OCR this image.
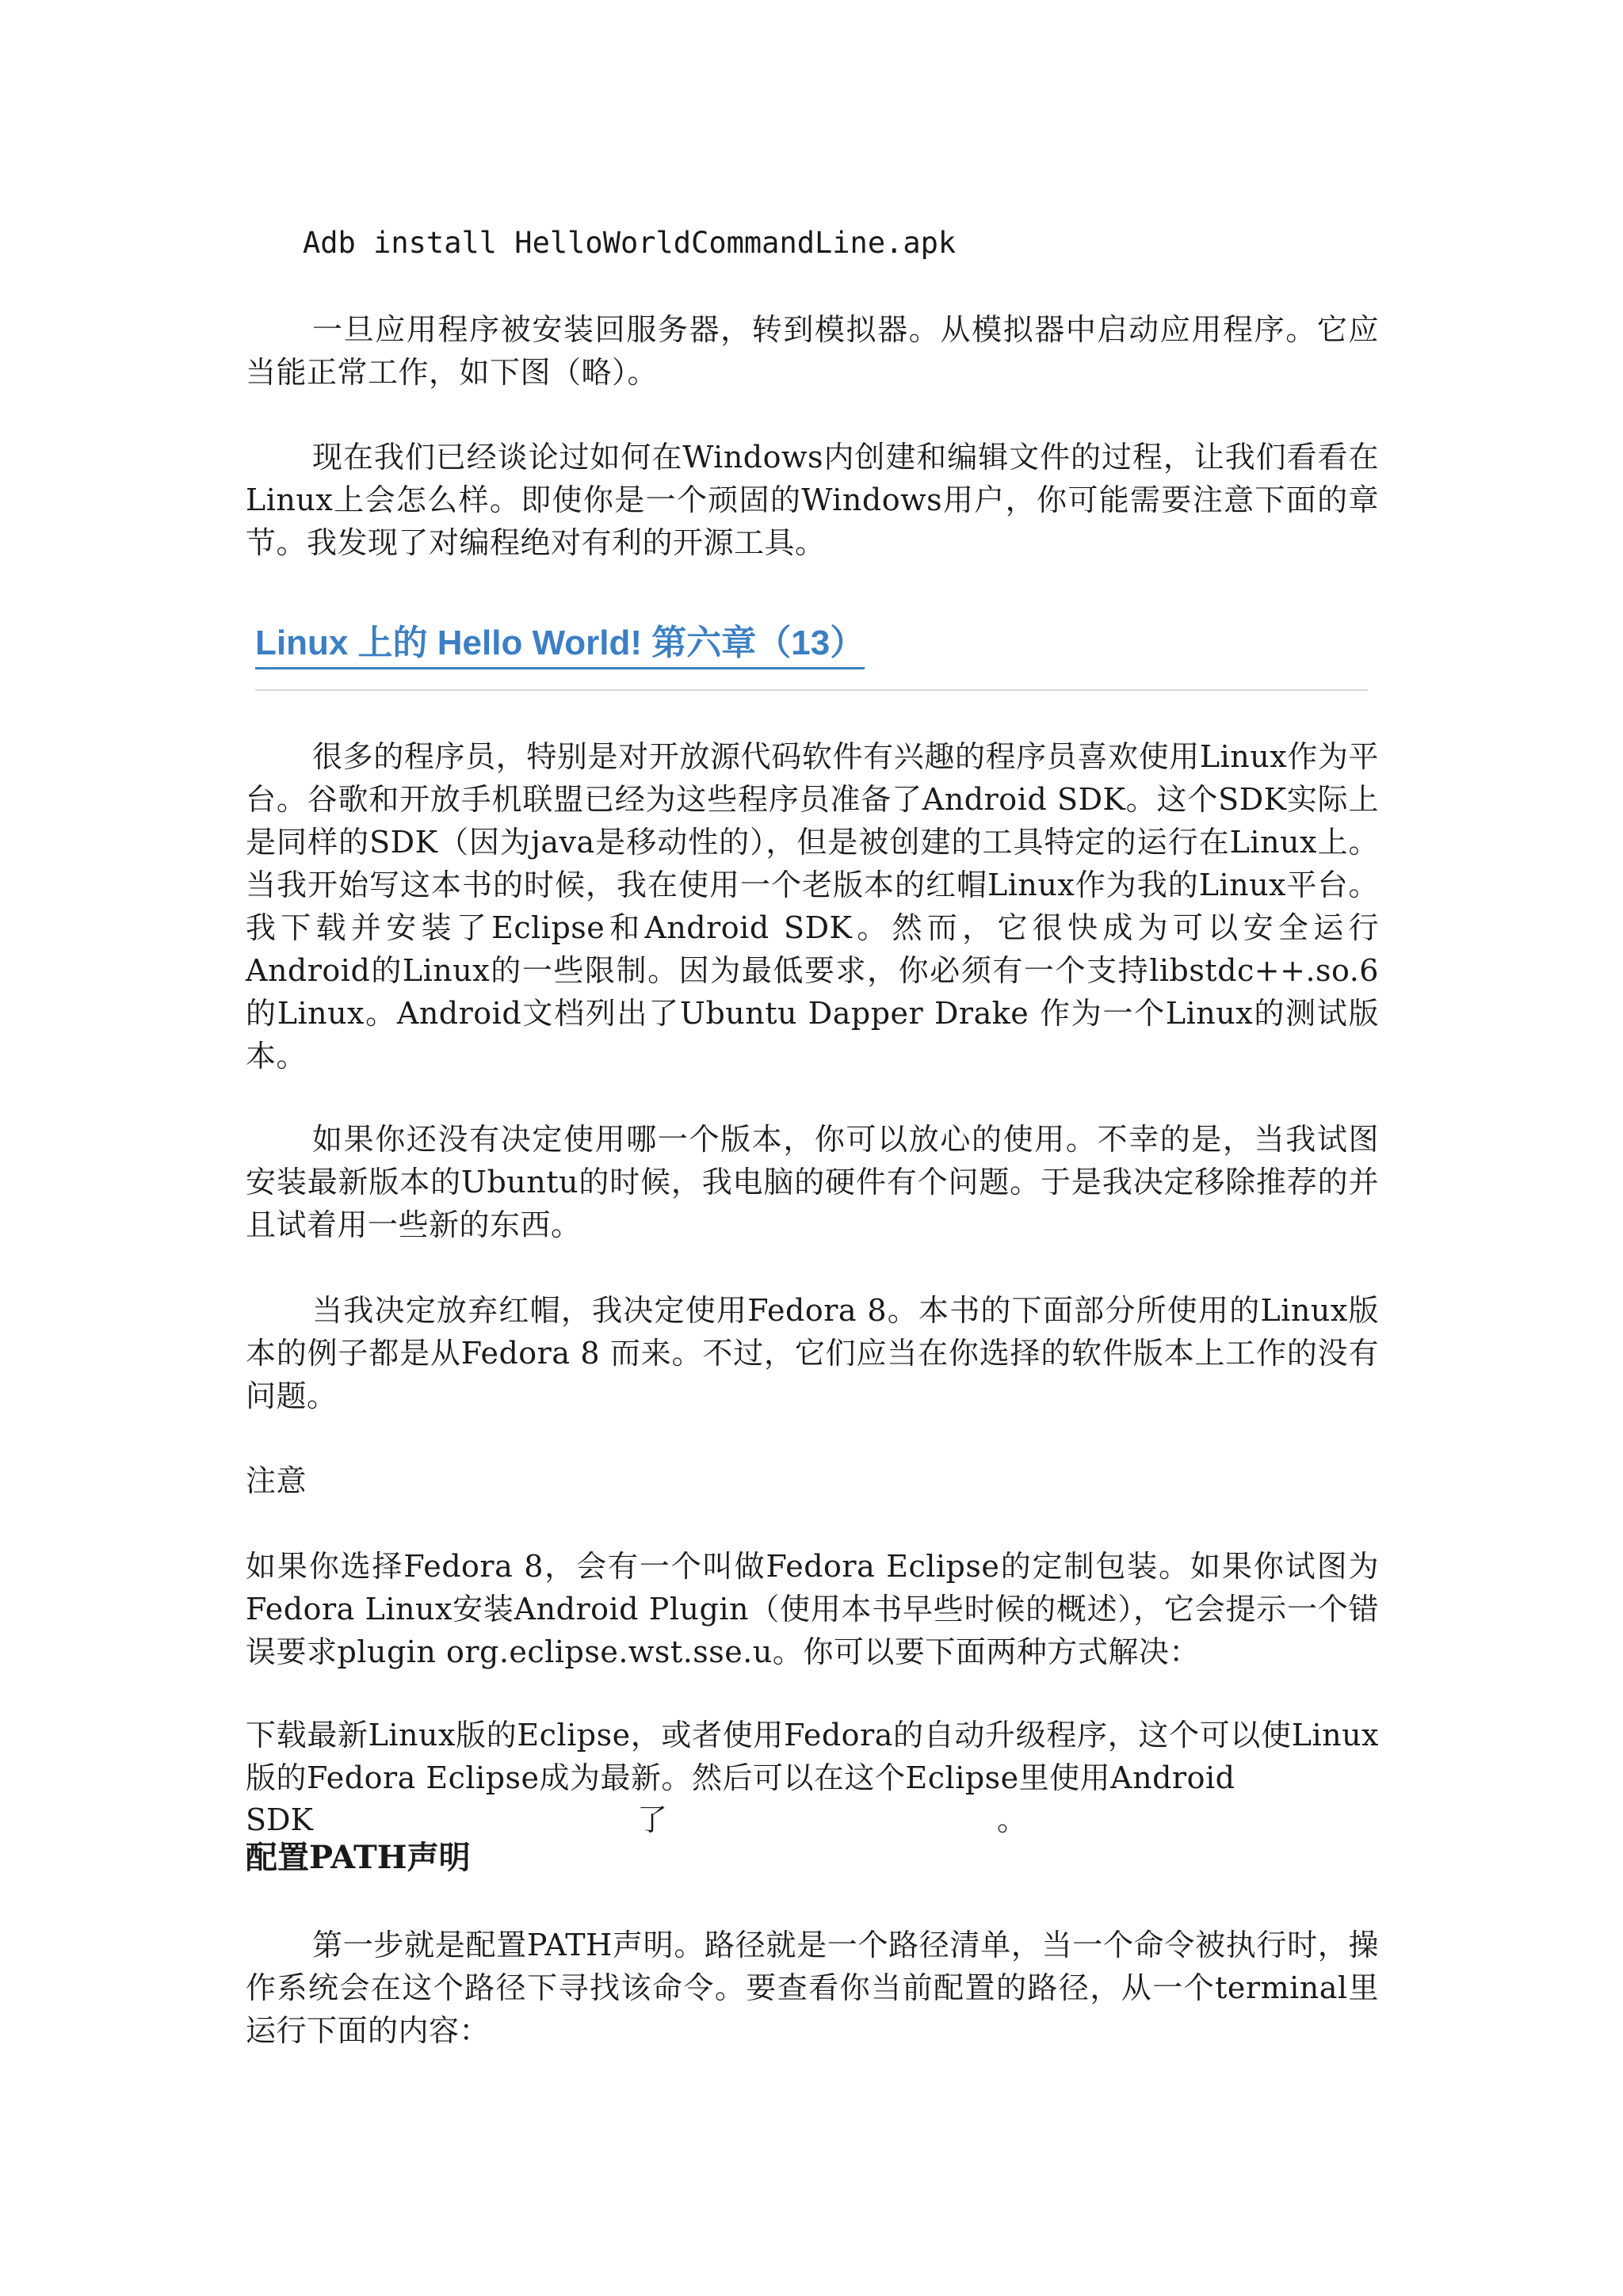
Adb install HelloWorldCommandLine.apk

一旦应用程序被安装回服务器，转到模拟器。从模拟器中启动应用程序。它应当能正常工作，如下图（略）。

现在我们已经谈论过如何在Windows内创建和编辑文件的过程，让我们看看在Linux上会怎么样。即使你是一个顽固的Windows用户，你可能需要注意下面的章节。我发现了对编程绝对有利的开源工具。

Linux 上的 Hello World! 第六章（13）

很多的程序员，特别是对开放源代码软件有兴趣的程序员喜欢使用Linux作为平台。谷歌和开放手机联盟已经为这些程序员准备了Android SDK。这个SDK实际上是同样的SDK（因为java是移动性的），但是被创建的工具特定的运行在Linux上。当我开始写这本书的时候，我在使用一个老版本的红帽Linux作为我的Linux平台。我下载并安装了Eclipse和Android SDK。然而，它很快成为可以安全运行Android的Linux的一些限制。因为最低要求，你必须有一个支持libstdc++.so.6的Linux。Android文档列出了Ubuntu Dapper Drake 作为一个Linux的测试版本。

如果你还没有决定使用哪一个版本，你可以放心的使用。不幸的是，当我试图安装最新版本的Ubuntu的时候，我电脑的硬件有个问题。于是我决定移除推荐的并且试着用一些新的东西。

当我决定放弃红帽，我决定使用Fedora 8。本书的下面部分所使用的Linux版本的例子都是从Fedora 8 而来。不过，它们应当在你选择的软件版本上工作的没有问题。

注意

如果你选择Fedora 8，会有一个叫做Fedora Eclipse的定制包装。如果你试图为Fedora Linux安装Android Plugin（使用本书早些时候的概述），它会提示一个错误要求plugin org.eclipse.wst.sse.u。你可以要下面两种方式解决：

下载最新Linux版的Eclipse，或者使用Fedora的自动升级程序，这个可以使Linux版的Fedora Eclipse成为最新。然后可以在这个Eclipse里使用Android

SDK	了	。

配置PATH声明

第一步就是配置PATH声明。路径就是一个路径清单，当一个命令被执行时，操作系统会在这个路径下寻找该命令。要查看你当前配置的路径，从一个terminal里运行下面的内容：
